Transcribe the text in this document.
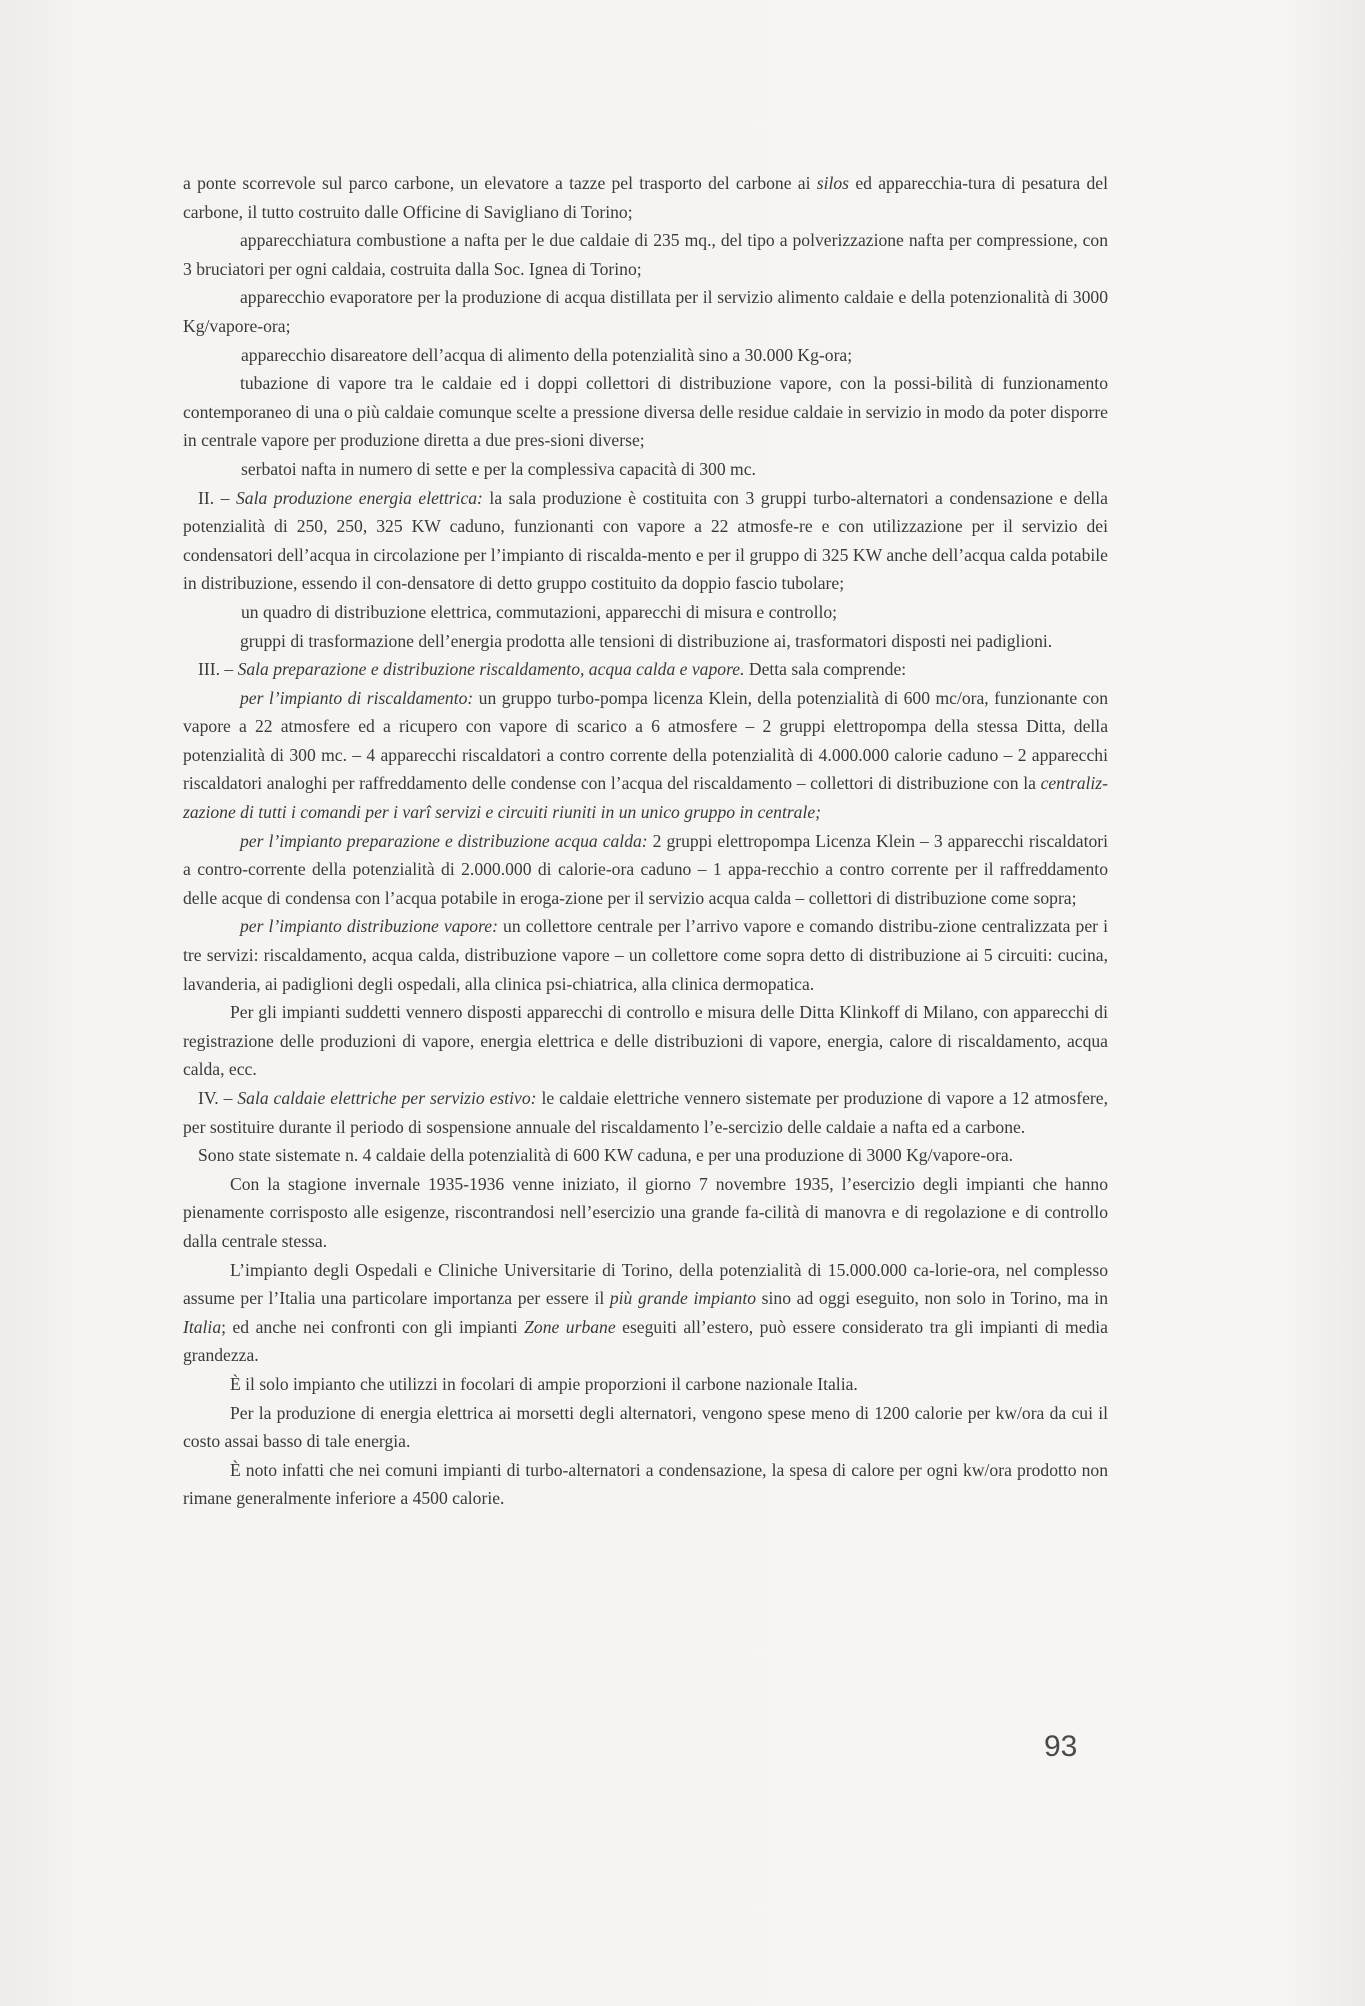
a ponte scorrevole sul parco carbone, un elevatore a tazze pel trasporto del carbone ai silos ed apparecchia-tura di pesatura del carbone, il tutto costruito dalle Officine di Savigliano di Torino;

apparecchiatura combustione a nafta per le due caldaie di 235 mq., del tipo a polverizzazione nafta per compressione, con 3 bruciatori per ogni caldaia, costruita dalla Soc. Ignea di Torino;

apparecchio evaporatore per la produzione di acqua distillata per il servizio alimento caldaie e della potenzionalità di 3000 Kg/vapore-ora;

apparecchio disareatore dell’acqua di alimento della potenzialità sino a 30.000 Kg-ora;

tubazione di vapore tra le caldaie ed i doppi collettori di distribuzione vapore, con la possi-bilità di funzionamento contemporaneo di una o più caldaie comunque scelte a pressione diversa delle residue caldaie in servizio in modo da poter disporre in centrale vapore per produzione diretta a due pres-sioni diverse;

serbatoi nafta in numero di sette e per la complessiva capacità di 300 mc.

II. – Sala produzione energia elettrica: la sala produzione è costituita con 3 gruppi turbo-alternatori a condensazione e della potenzialità di 250, 250, 325 KW caduno, funzionanti con vapore a 22 atmosfe-re e con utilizzazione per il servizio dei condensatori dell’acqua in circolazione per l’impianto di riscalda-mento e per il gruppo di 325 KW anche dell’acqua calda potabile in distribuzione, essendo il con-densatore di detto gruppo costituito da doppio fascio tubolare;

un quadro di distribuzione elettrica, commutazioni, apparecchi di misura e controllo;

gruppi di trasformazione dell’energia prodotta alle tensioni di distribuzione ai, trasformatori disposti nei padiglioni.

III. – Sala preparazione e distribuzione riscaldamento, acqua calda e vapore. Detta sala comprende:

per l’impianto di riscaldamento: un gruppo turbo-pompa licenza Klein, della potenzialità di 600 mc/ora, funzionante con vapore a 22 atmosfere ed a ricupero con vapore di scarico a 6 atmosfere – 2 gruppi elettropompa della stessa Ditta, della potenzialità di 300 mc. – 4 apparecchi riscaldatori a contro corrente della potenzialità di 4.000.000 calorie caduno – 2 apparecchi riscaldatori analoghi per raffreddamento delle condense con l’acqua del riscaldamento – collettori di distribuzione con la centraliz-zazione di tutti i comandi per i varî servizi e circuiti riuniti in un unico gruppo in centrale;

per l’impianto preparazione e distribuzione acqua calda: 2 gruppi elettropompa Licenza Klein – 3 apparecchi riscaldatori a contro-corrente della potenzialità di 2.000.000 di calorie-ora caduno – 1 appa-recchio a contro corrente per il raffreddamento delle acque di condensa con l’acqua potabile in eroga-zione per il servizio acqua calda – collettori di distribuzione come sopra;

per l’impianto distribuzione vapore: un collettore centrale per l’arrivo vapore e comando distribu-zione centralizzata per i tre servizi: riscaldamento, acqua calda, distribuzione vapore – un collettore come sopra detto di distribuzione ai 5 circuiti: cucina, lavanderia, ai padiglioni degli ospedali, alla clinica psi-chiatrica, alla clinica dermopatica.

Per gli impianti suddetti vennero disposti apparecchi di controllo e misura delle Ditta Klinkoff di Milano, con apparecchi di registrazione delle produzioni di vapore, energia elettrica e delle distribuzioni di vapore, energia, calore di riscaldamento, acqua calda, ecc.

IV. – Sala caldaie elettriche per servizio estivo: le caldaie elettriche vennero sistemate per produzione di vapore a 12 atmosfere, per sostituire durante il periodo di sospensione annuale del riscaldamento l’e-sercizio delle caldaie a nafta ed a carbone.

Sono state sistemate n. 4 caldaie della potenzialità di 600 KW caduna, e per una produzione di 3000 Kg/vapore-ora.

Con la stagione invernale 1935-1936 venne iniziato, il giorno 7 novembre 1935, l’esercizio degli impianti che hanno pienamente corrisposto alle esigenze, riscontrandosi nell’esercizio una grande fa-cilità di manovra e di regolazione e di controllo dalla centrale stessa.

L’impianto degli Ospedali e Cliniche Universitarie di Torino, della potenzialità di 15.000.000 ca-lorie-ora, nel complesso assume per l’Italia una particolare importanza per essere il più grande impianto sino ad oggi eseguito, non solo in Torino, ma in Italia; ed anche nei confronti con gli impianti Zone urbane eseguiti all’estero, può essere considerato tra gli impianti di media grandezza.

È il solo impianto che utilizzi in focolari di ampie proporzioni il carbone nazionale Italia.

Per la produzione di energia elettrica ai morsetti degli alternatori, vengono spese meno di 1200 calorie per kw/ora da cui il costo assai basso di tale energia.

È noto infatti che nei comuni impianti di turbo-alternatori a condensazione, la spesa di calore per ogni kw/ora prodotto non rimane generalmente inferiore a 4500 calorie.

93
